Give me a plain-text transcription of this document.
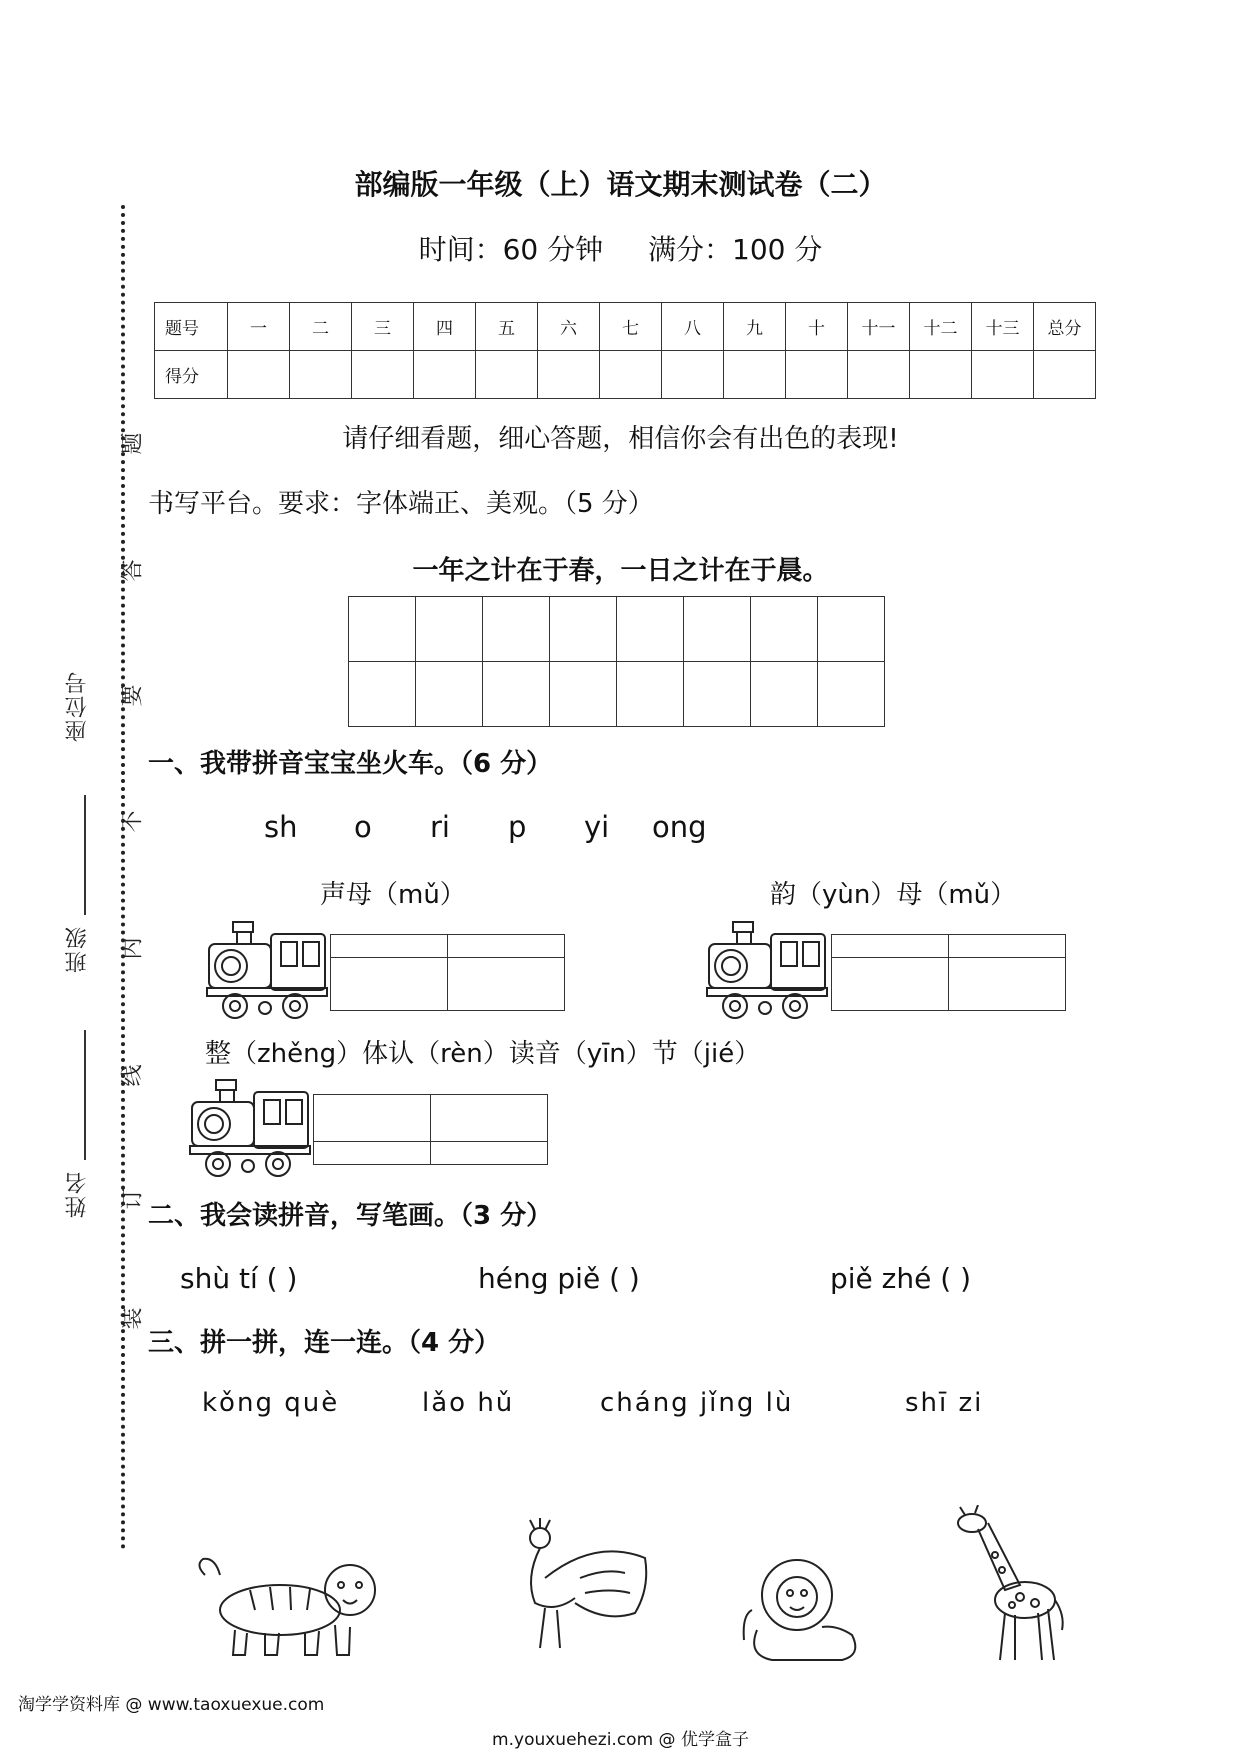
座位号
班级
姓名
题
答
要
不
内
线
订
装
部编版一年级（上）语文期末测试卷（二）
时间：60 分钟 满分：100 分
题号	一	二	三	四	五	六	七	八	九	十	十一	十二	十三	总分
得分														
请仔细看题，细心答题，相信你会有出色的表现!
书写平台。要求：字体端正、美观。（5 分）
一年之计在于春，一日之计在于晨。

一、我带拼音宝宝坐火车。（6 分）
sh o ri p yi ong
声母（mǔ）	韵（yùn）母（mǔ）

整（zhěng）体认（rèn）读音（yīn）节（jié）

二、我会读拼音，写笔画。（3 分）
shù tí ( )	héng piě ( )	piě zhé ( )
三、拼一拼，连一连。（4 分）
kǒng què	lǎo hǔ	cháng jǐng lù	shī zi
淘学学资料库 @ www.taoxuexue.com
m.youxuehezi.com @ 优学盒子
